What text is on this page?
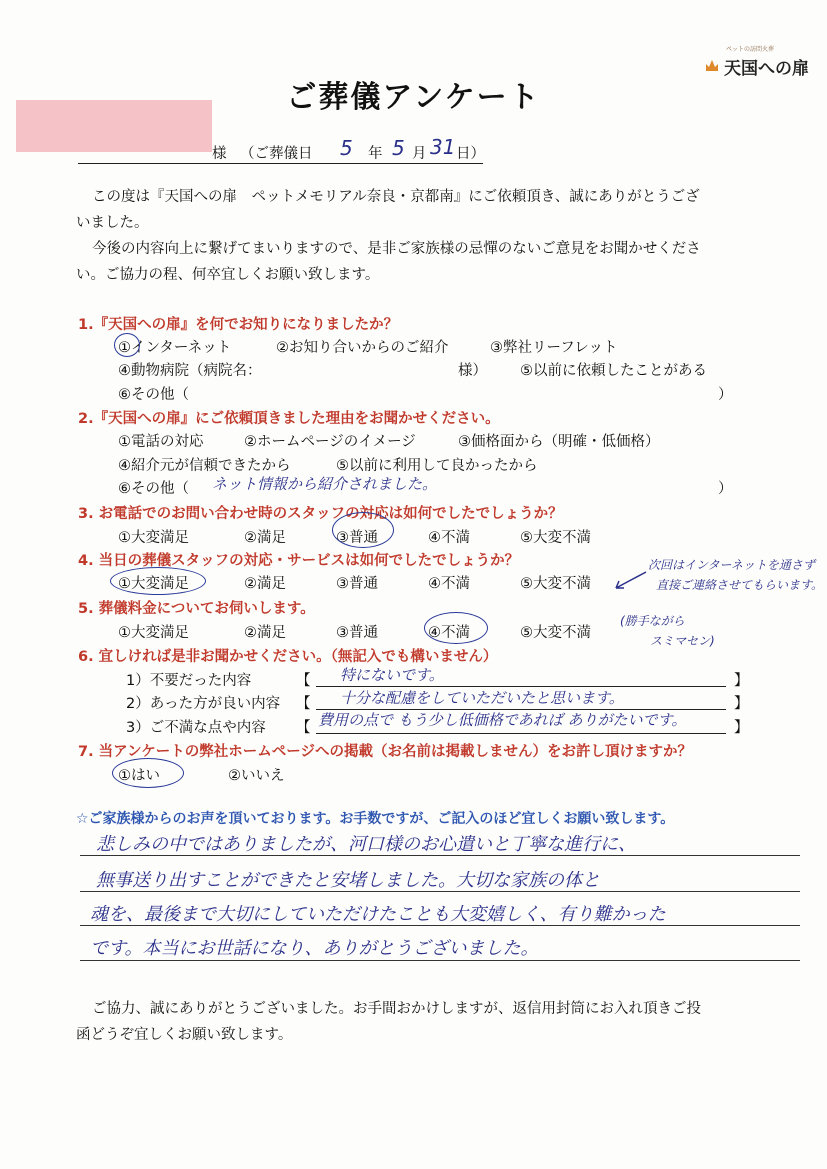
ペットの訪問火葬
天国への扉
ご葬儀アンケート
様 （ご葬儀日 5 年 5 月 31 日）
この度は『天国への扉　ペットメモリアル奈良・京都南』にご依頼頂き、誠にありがとうござ
いました。
今後の内容向上に繋げてまいりますので、是非ご家族様の忌憚のないご意見をお聞かせくださ
い。ご協力の程、何卒宜しくお願い致します。
1.『天国への扉』を何でお知りになりましたか？
①インターネット	②お知り合いからのご紹介	③弊社リーフレット
④動物病院（病院名：	様） ⑤以前に依頼したことがある
⑥その他（	）
2.『天国への扉』にご依頼頂きました理由をお聞かせください。
①電話の対応	②ホームページのイメージ	③価格面から（明確・低価格）
④紹介元が信頼できたから	⑤以前に利用して良かったから
⑥その他（ ネット情報から紹介されました。	）
3. お電話でのお問い合わせ時のスタッフの対応は如何でしたでしょうか？
①大変満足	②満足	③普通	④不満	⑤大変不満
4. 当日の葬儀スタッフの対応・サービスは如何でしたでしょうか？
①大変満足	②満足	③普通	④不満	⑤大変不満
5. 葬儀料金についてお伺いします。
①大変満足	②満足	③普通	④不満	⑤大変不満
次回はインターネットを通さず
直接ご連絡させてもらいます。
(勝手ながら
スミマセン)
6. 宜しければ是非お聞かせください。（無記入でも構いません）
1）不要だった内容	【 特にないです。	】
2）あった方が良い内容 【 十分な配慮をしていただいたと思います。	】
3）ご不満な点や内容 【 費用の点で もう少し低価格であれば ありがたいです。	】
7. 当アンケートの弊社ホームページへの掲載（お名前は掲載しません）をお許し頂けますか？
①はい	②いいえ
☆ご家族様からのお声を頂いております。お手数ですが、ご記入のほど宜しくお願い致します。
悲しみの中ではありましたが、河口様のお心遣いと丁寧な進行に、
無事送り出すことができたと安堵しました。大切な家族の体と
魂を、最後まで大切にしていただけたことも大変嬉しく、有り難かった
です。本当にお世話になり、ありがとうございました。
ご協力、誠にありがとうございました。お手間おかけしますが、返信用封筒にお入れ頂きご投
函どうぞ宜しくお願い致します。
